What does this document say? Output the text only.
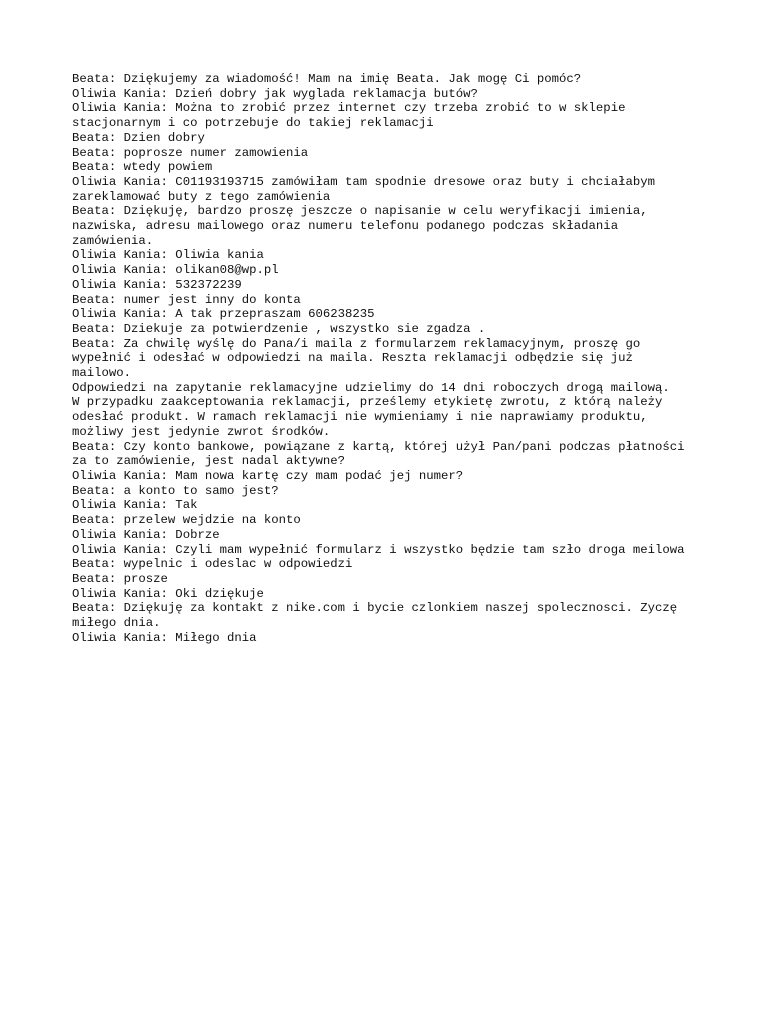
Beata: Dziękujemy za wiadomość! Mam na imię Beata. Jak mogę Ci pomóc?
Oliwia Kania: Dzień dobry jak wyglada reklamacja butów?
Oliwia Kania: Można to zrobić przez internet czy trzeba zrobić to w sklepie
stacjonarnym i co potrzebuje do takiej reklamacji
Beata: Dzien dobry
Beata: poprosze numer zamowienia
Beata: wtedy powiem
Oliwia Kania: C01193193715 zamówiłam tam spodnie dresowe oraz buty i chciałabym
zareklamować buty z tego zamówienia
Beata: Dziękuję, bardzo proszę jeszcze o napisanie w celu weryfikacji imienia,
nazwiska, adresu mailowego oraz numeru telefonu podanego podczas składania
zamówienia.
Oliwia Kania: Oliwia kania
Oliwia Kania: olikan08@wp.pl
Oliwia Kania: 532372239
Beata: numer jest inny do konta
Oliwia Kania: A tak przepraszam 606238235
Beata: Dziekuje za potwierdzenie , wszystko sie zgadza .
Beata: Za chwilę wyślę do Pana/i maila z formularzem reklamacyjnym, proszę go
wypełnić i odesłać w odpowiedzi na maila. Reszta reklamacji odbędzie się już
mailowo.
Odpowiedzi na zapytanie reklamacyjne udzielimy do 14 dni roboczych drogą mailową.
W przypadku zaakceptowania reklamacji, prześlemy etykietę zwrotu, z którą należy
odesłać produkt. W ramach reklamacji nie wymieniamy i nie naprawiamy produktu,
możliwy jest jedynie zwrot środków.
Beata: Czy konto bankowe, powiązane z kartą, której użył Pan/pani podczas płatności
za to zamówienie, jest nadal aktywne?
Oliwia Kania: Mam nowa kartę czy mam podać jej numer?
Beata: a konto to samo jest?
Oliwia Kania: Tak
Beata: przelew wejdzie na konto
Oliwia Kania: Dobrze
Oliwia Kania: Czyli mam wypełnić formularz i wszystko będzie tam szło droga meilowa
Beata: wypelnic i odeslac w odpowiedzi
Beata: prosze
Oliwia Kania: Oki dziękuje
Beata: Dziękuję za kontakt z nike.com i bycie czlonkiem naszej spolecznosci. Zyczę
miłego dnia.
Oliwia Kania: Miłego dnia
